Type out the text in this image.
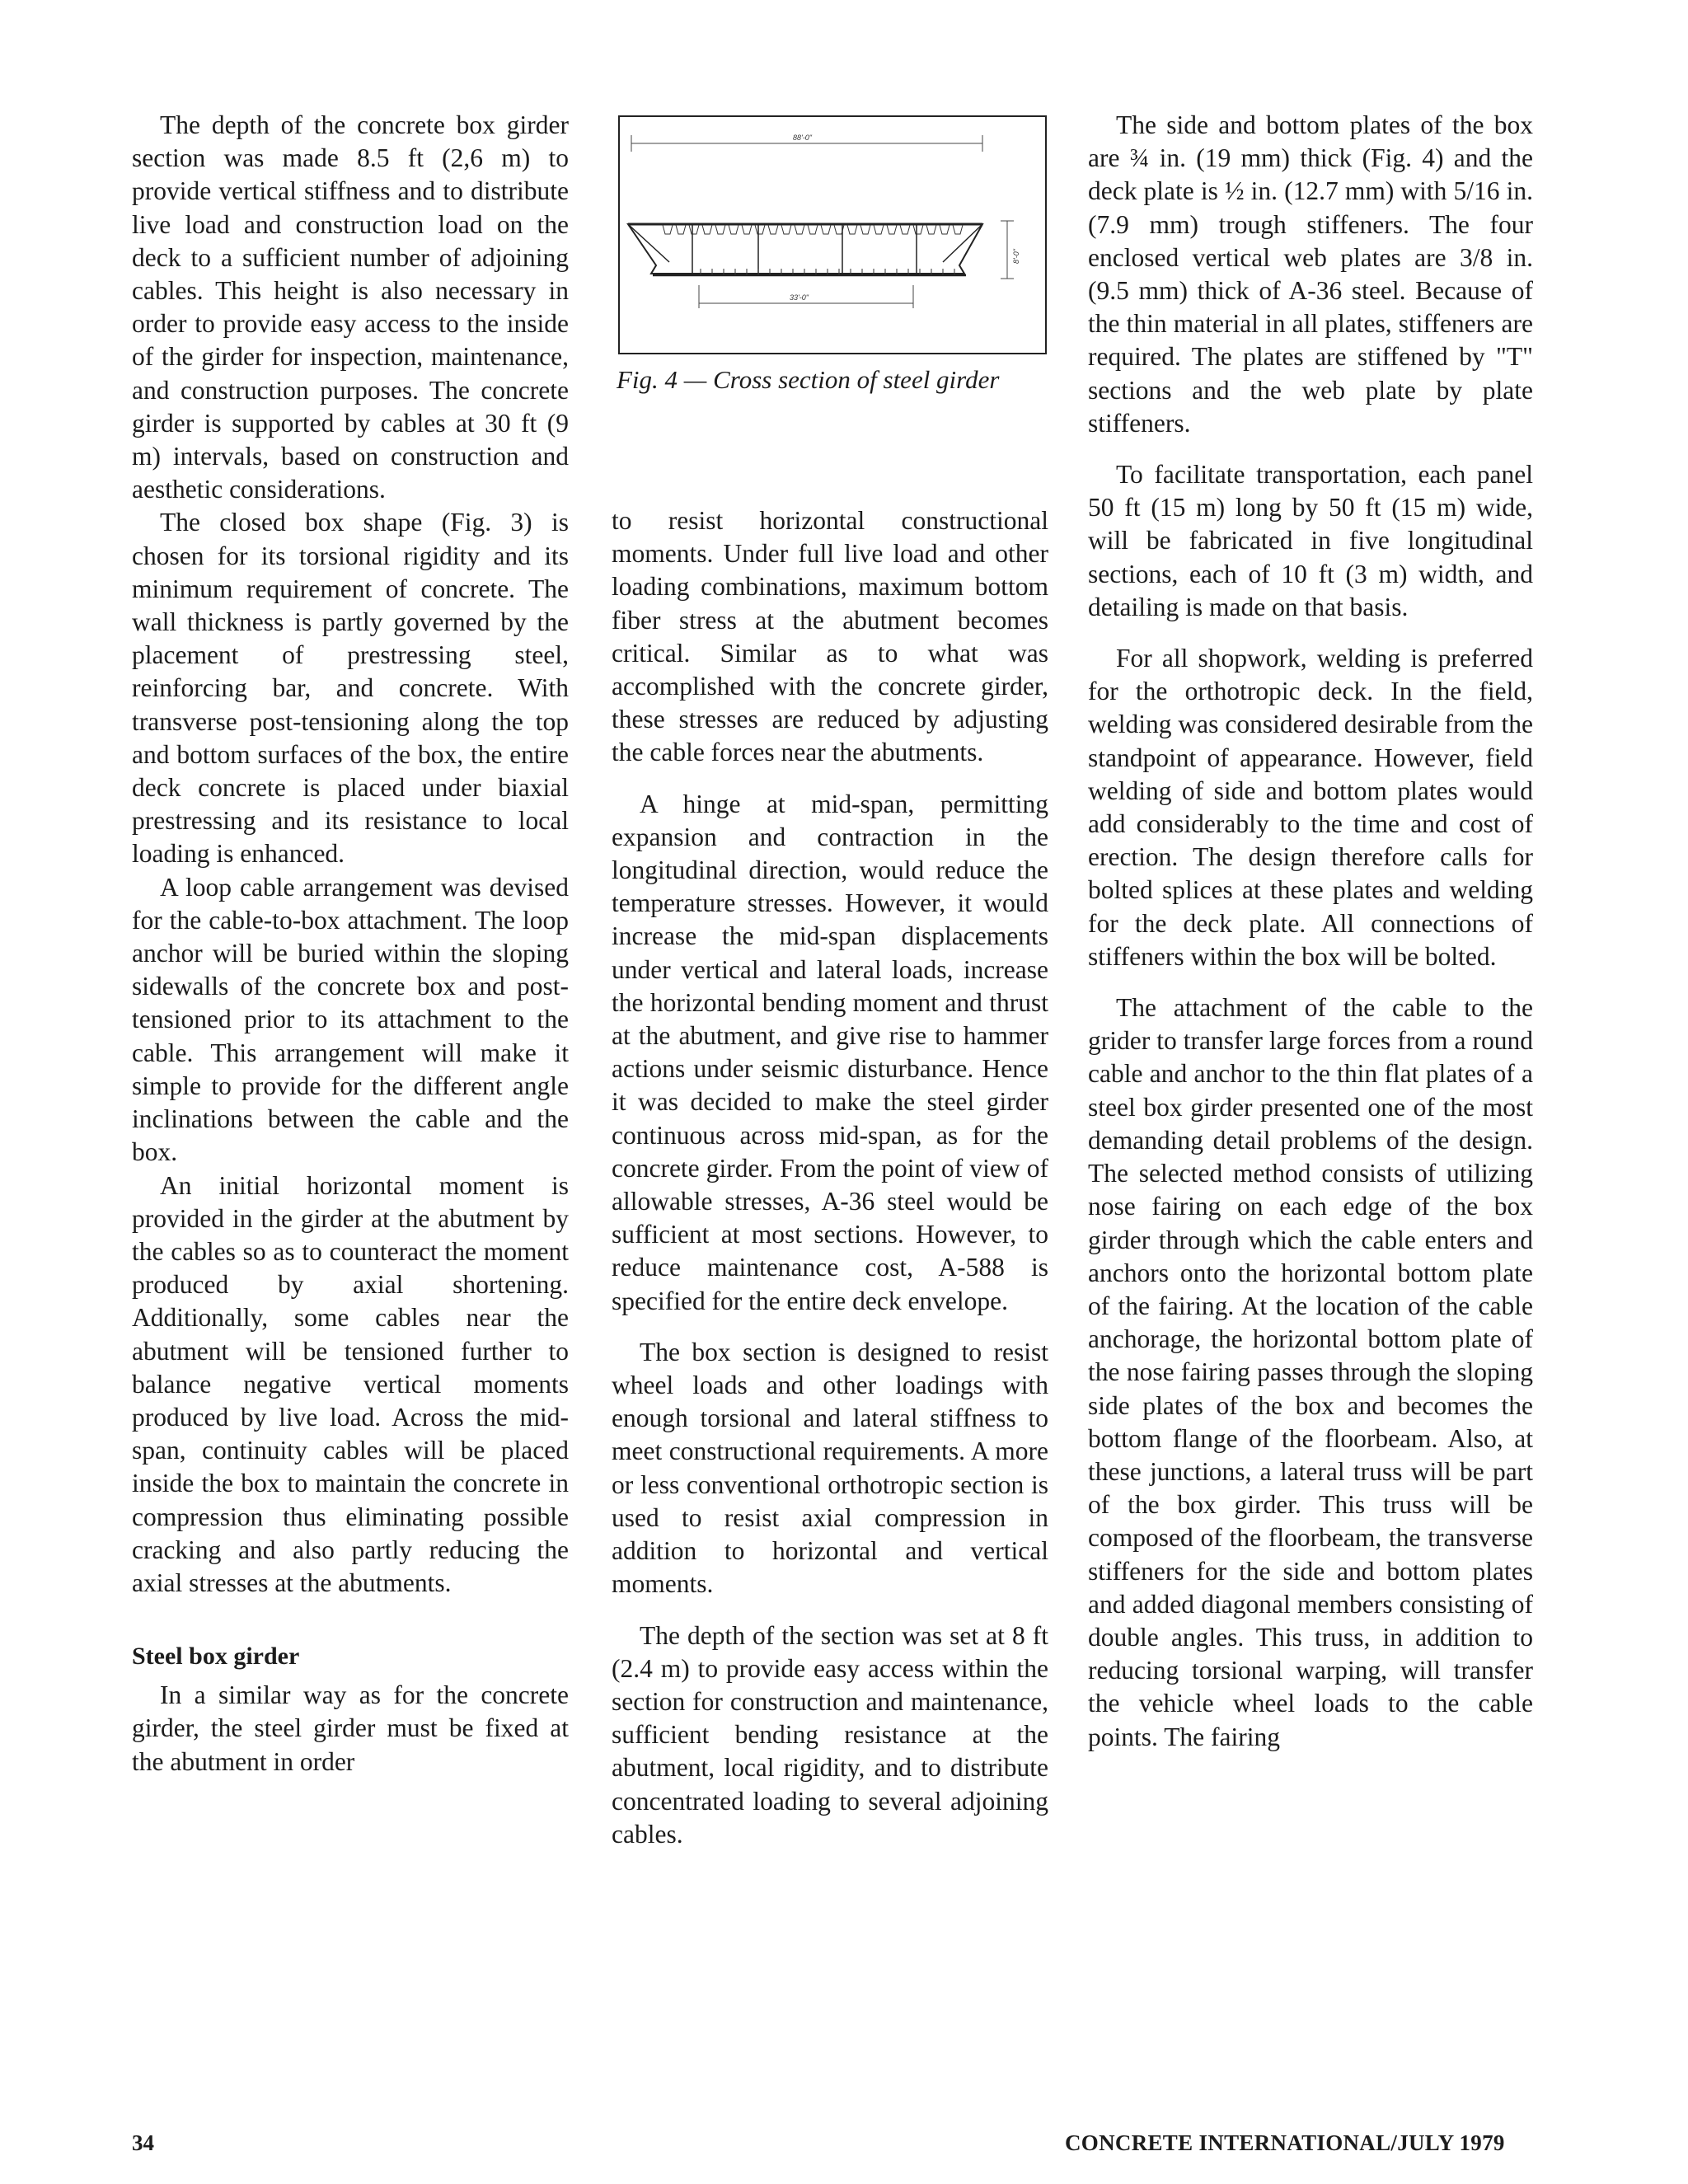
The depth of the concrete box girder section was made 8.5 ft (2,6 m) to provide vertical stiffness and to distribute live load and construction load on the deck to a sufficient number of adjoining cables. This height is also necessary in order to provide easy access to the inside of the girder for inspection, maintenance, and construction purposes. The concrete girder is supported by cables at 30 ft (9 m) intervals, based on construction and aesthetic considerations.

The closed box shape (Fig. 3) is chosen for its torsional rigidity and its minimum requirement of concrete. The wall thickness is partly governed by the placement of prestressing steel, reinforcing bar, and concrete. With transverse post-tensioning along the top and bottom surfaces of the box, the entire deck concrete is placed under biaxial prestressing and its resistance to local loading is enhanced.

A loop cable arrangement was devised for the cable-to-box attachment. The loop anchor will be buried within the sloping sidewalls of the concrete box and post-tensioned prior to its attachment to the cable. This arrangement will make it simple to provide for the different angle inclinations between the cable and the box.

An initial horizontal moment is provided in the girder at the abutment by the cables so as to counteract the moment produced by axial shortening. Additionally, some cables near the abutment will be tensioned further to balance negative vertical moments produced by live load. Across the mid-span, continuity cables will be placed inside the box to maintain the concrete in compression thus eliminating possible cracking and also partly reducing the axial stresses at the abutments.

Steel box girder

In a similar way as for the concrete girder, the steel girder must be fixed at the abutment in order

88'-0"
8'-0"
33'-0"
Fig. 4 — Cross section of steel girder

to resist horizontal constructional moments. Under full live load and other loading combinations, maximum bottom fiber stress at the abutment becomes critical. Similar as to what was accomplished with the concrete girder, these stresses are reduced by adjusting the cable forces near the abutments.

A hinge at mid-span, permitting expansion and contraction in the longitudinal direction, would reduce the temperature stresses. However, it would increase the mid-span displacements under vertical and lateral loads, increase the horizontal bending moment and thrust at the abutment, and give rise to hammer actions under seismic disturbance. Hence it was decided to make the steel girder continuous across mid-span, as for the concrete girder. From the point of view of allowable stresses, A-36 steel would be sufficient at most sections. However, to reduce maintenance cost, A-588 is specified for the entire deck envelope.

The box section is designed to resist wheel loads and other loadings with enough torsional and lateral stiffness to meet constructional requirements. A more or less conventional orthotropic section is used to resist axial compression in addition to horizontal and vertical moments.

The depth of the section was set at 8 ft (2.4 m) to provide easy access within the section for construction and maintenance, sufficient bending resistance at the abutment, local rigidity, and to distribute concentrated loading to several adjoining cables.

The side and bottom plates of the box are ¾ in. (19 mm) thick (Fig. 4) and the deck plate is ½ in. (12.7 mm) with 5/16 in. (7.9 mm) trough stiffeners. The four enclosed vertical web plates are 3/8 in. (9.5 mm) thick of A-36 steel. Because of the thin material in all plates, stiffeners are required. The plates are stiffened by "T" sections and the web plate by plate stiffeners.

To facilitate transportation, each panel 50 ft (15 m) long by 50 ft (15 m) wide, will be fabricated in five longitudinal sections, each of 10 ft (3 m) width, and detailing is made on that basis.

For all shopwork, welding is preferred for the orthotropic deck. In the field, welding was considered desirable from the standpoint of appearance. However, field welding of side and bottom plates would add considerably to the time and cost of erection. The design therefore calls for bolted splices at these plates and welding for the deck plate. All connections of stiffeners within the box will be bolted.

The attachment of the cable to the grider to transfer large forces from a round cable and anchor to the thin flat plates of a steel box girder presented one of the most demanding detail problems of the design. The selected method consists of utilizing nose fairing on each edge of the box girder through which the cable enters and anchors onto the horizontal bottom plate of the fairing. At the location of the cable anchorage, the horizontal bottom plate of the nose fairing passes through the sloping side plates of the box and becomes the bottom flange of the floorbeam. Also, at these junctions, a lateral truss will be part of the box girder. This truss will be composed of the floorbeam, the transverse stiffeners for the side and bottom plates and added diagonal members consisting of double angles. This truss, in addition to reducing torsional warping, will transfer the vehicle wheel loads to the cable points. The fairing

34	CONCRETE INTERNATIONAL/JULY 1979
